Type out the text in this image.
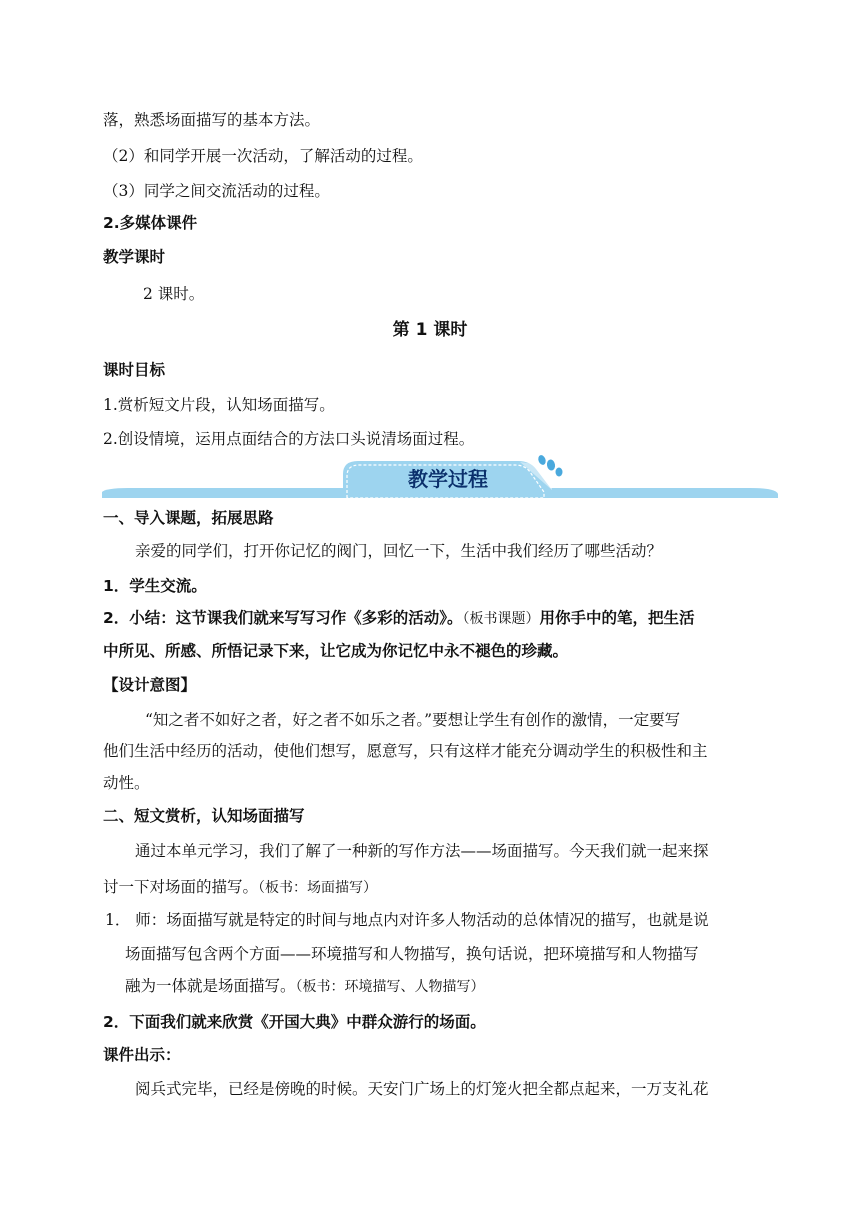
落，熟悉场面描写的基本方法。
（2）和同学开展一次活动，了解活动的过程。
（3）同学之间交流活动的过程。
2.多媒体课件
教学课时
2 课时。
第 1 课时
课时目标
1.赏析短文片段，认知场面描写。
2.创设情境，运用点面结合的方法口头说清场面过程。
教学过程
一、导入课题，拓展思路
亲爱的同学们，打开你记忆的阀门，回忆一下，生活中我们经历了哪些活动？
1．学生交流。
2．小结：这节课我们就来写写习作《多彩的活动》。（板书课题）用你手中的笔，把生活
中所见、所感、所悟记录下来，让它成为你记忆中永不褪色的珍藏。
【设计意图】
“知之者不如好之者，好之者不如乐之者。”要想让学生有创作的激情，一定要写
他们生活中经历的活动，使他们想写，愿意写，只有这样才能充分调动学生的积极性和主
动性。
二、短文赏析，认知场面描写
通过本单元学习，我们了解了一种新的写作方法——场面描写。今天我们就一起来探
讨一下对场面的描写。（板书：场面描写）
1． 师：场面描写就是特定的时间与地点内对许多人物活动的总体情况的描写，也就是说
场面描写包含两个方面——环境描写和人物描写，换句话说，把环境描写和人物描写
融为一体就是场面描写。（板书：环境描写、人物描写）
2．下面我们就来欣赏《开国大典》中群众游行的场面。
课件出示：
阅兵式完毕，已经是傍晚的时候。天安门广场上的灯笼火把全都点起来，一万支礼花
